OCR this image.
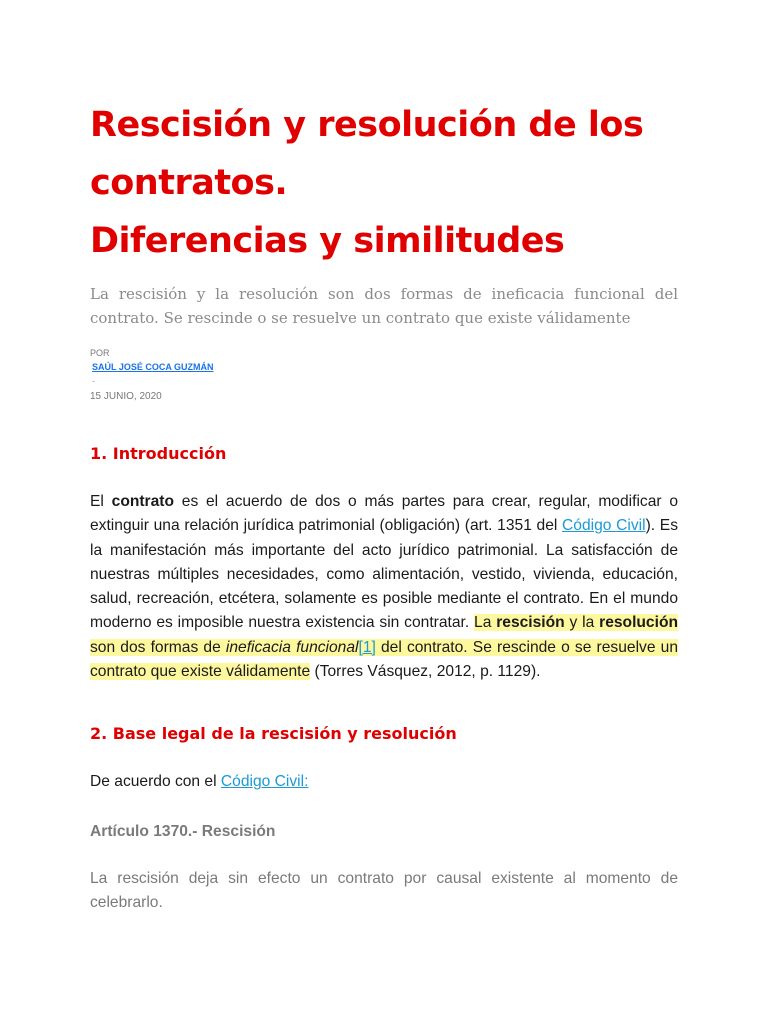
Rescisión y resolución de los
contratos.
Diferencias y similitudes

La rescisión y la resolución son dos formas de ineficacia funcional del contrato. Se rescinde o se resuelve un contrato que existe válidamente

POR
SAÚL JOSÉ COCA GUZMÁN
-
15 JUNIO, 2020
1. Introducción

El contrato es el acuerdo de dos o más partes para crear, regular, modificar o extinguir una relación jurídica patrimonial (obligación) (art. 1351 del Código Civil). Es la manifestación más importante del acto jurídico patrimonial. La satisfacción de nuestras múltiples necesidades, como alimentación, vestido, vivienda, educación, salud, recreación, etcétera, solamente es posible mediante el contrato. En el mundo moderno es imposible nuestra existencia sin contratar. La rescisión y la resolución son dos formas de ineficacia funcional[1] del contrato. Se rescinde o se resuelve un contrato que existe válidamente (Torres Vásquez, 2012, p. 1129).

2. Base legal de la rescisión y resolución

De acuerdo con el Código Civil:

Artículo 1370.- Rescisión

La rescisión deja sin efecto un contrato por causal existente al momento de celebrarlo.
